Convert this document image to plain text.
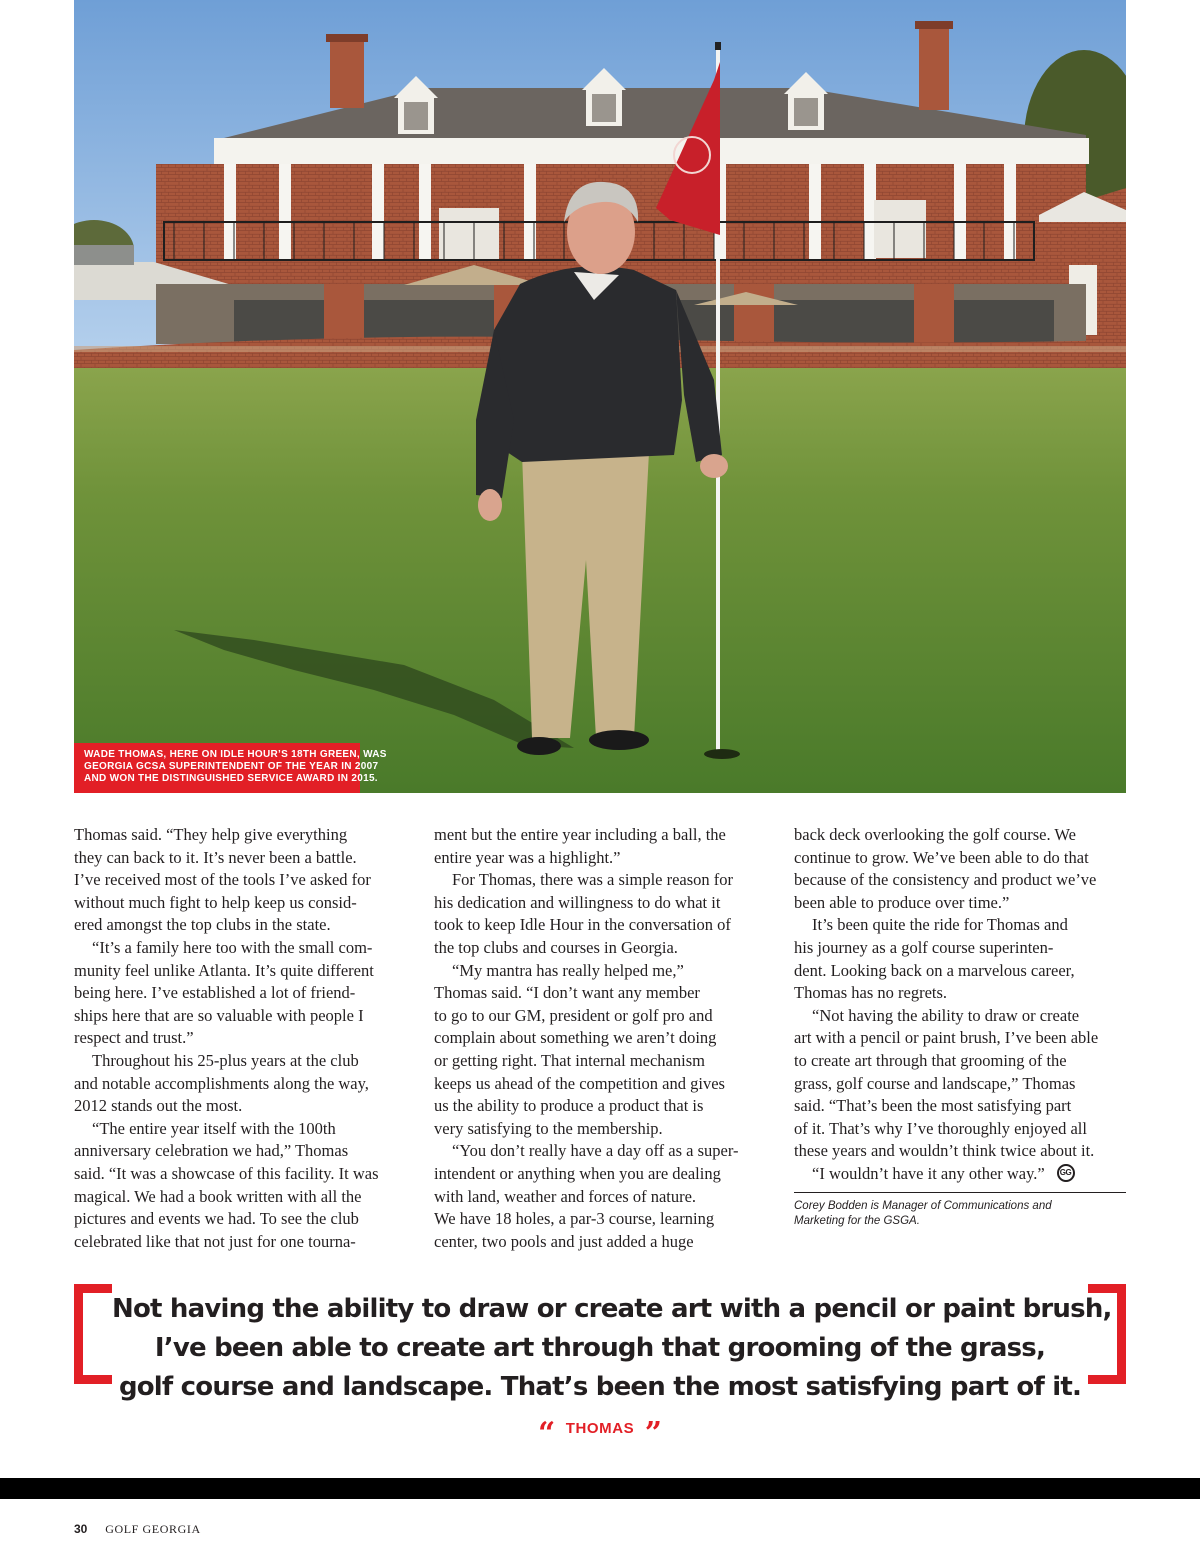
WADE THOMAS, HERE ON IDLE HOUR’S 18TH GREEN, WAS
GEORGIA GCSA SUPERINTENDENT OF THE YEAR IN 2007
AND WON THE DISTINGUISHED SERVICE AWARD IN 2015.
Thomas said. “They help give everything
they can back to it. It’s never been a battle.
I’ve received most of the tools I’ve asked for
without much fight to help keep us consid-
ered amongst the top clubs in the state.
“It’s a family here too with the small com-
munity feel unlike Atlanta. It’s quite different
being here. I’ve established a lot of friend-
ships here that are so valuable with people I
respect and trust.”
Throughout his 25-plus years at the club
and notable accomplishments along the way,
2012 stands out the most.
“The entire year itself with the 100th
anniversary celebration we had,” Thomas
said. “It was a showcase of this facility. It was
magical. We had a book written with all the
pictures and events we had. To see the club
celebrated like that not just for one tourna-
ment but the entire year including a ball, the
entire year was a highlight.”
For Thomas, there was a simple reason for
his dedication and willingness to do what it
took to keep Idle Hour in the conversation of
the top clubs and courses in Georgia.
“My mantra has really helped me,”
Thomas said. “I don’t want any member
to go to our GM, president or golf pro and
complain about something we aren’t doing
or getting right. That internal mechanism
keeps us ahead of the competition and gives
us the ability to produce a product that is
very satisfying to the membership.
“You don’t really have a day off as a super-
intendent or anything when you are dealing
with land, weather and forces of nature.
We have 18 holes, a par-3 course, learning
center, two pools and just added a huge
back deck overlooking the golf course. We
continue to grow. We’ve been able to do that
because of the consistency and product we’ve
been able to produce over time.”
It’s been quite the ride for Thomas and
his journey as a golf course superinten-
dent. Looking back on a marvelous career,
Thomas has no regrets.
“Not having the ability to draw or create
art with a pencil or paint brush, I’ve been able
to create art through that grooming of the
grass, golf course and landscape,” Thomas
said. “That’s been the most satisfying part
of it. That’s why I’ve thoroughly enjoyed all
these years and wouldn’t think twice about it.
“I wouldn’t have it any other way.”GG
Corey Bodden is Manager of Communications and
Marketing for the GSGA.
Not having the ability to draw or create art with a pencil or paint brush,
I’ve been able to create art through that grooming of the grass,
golf course and landscape. That’s been the most satisfying part of it.
“ THOMAS ”
30 GOLF GEORGIA
